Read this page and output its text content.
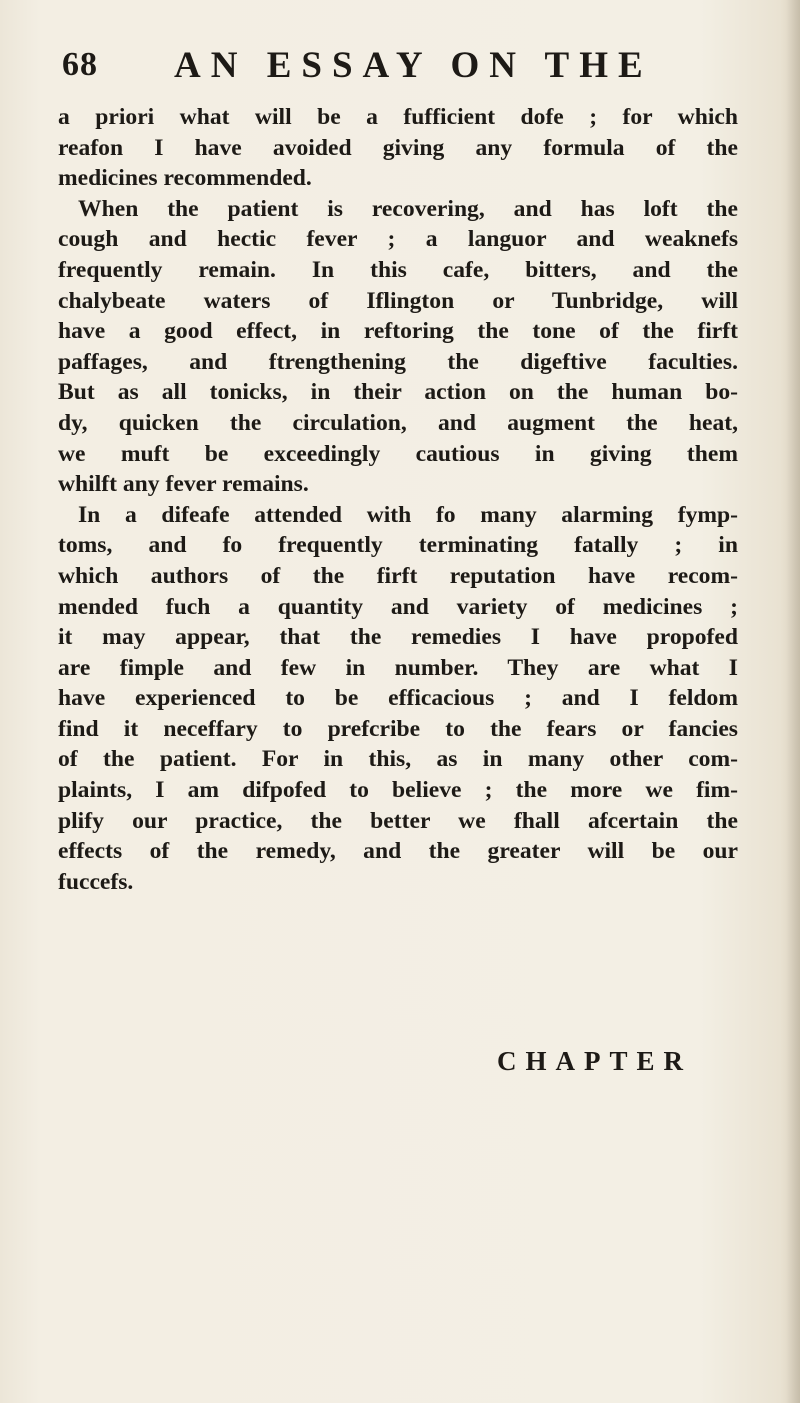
68 AN ESSAY ON THE
a priori what will be a fufficient dofe ; for which
reafon I have avoided giving any formula of the
medicines recommended.
When the patient is recovering, and has loft the
cough and hectic fever ; a languor and weaknefs
frequently remain. In this cafe, bitters, and the
chalybeate waters of Iflington or Tunbridge, will
have a good effect, in reftoring the tone of the firft
paffages, and ftrengthening the digeftive faculties.
But as all tonicks, in their action on the human bo-
dy, quicken the circulation, and augment the heat,
we muft be exceedingly cautious in giving them
whilft any fever remains.
In a difeafe attended with fo many alarming fymp-
toms, and fo frequently terminating fatally ; in
which authors of the firft reputation have recom-
mended fuch a quantity and variety of medicines ;
it may appear, that the remedies I have propofed
are fimple and few in number. They are what I
have experienced to be efficacious ; and I feldom
find it neceffary to prefcribe to the fears or fancies
of the patient. For in this, as in many other com-
plaints, I am difpofed to believe ; the more we fim-
plify our practice, the better we fhall afcertain the
effects of the remedy, and the greater will be our
fuccefs.
CHAPTER
